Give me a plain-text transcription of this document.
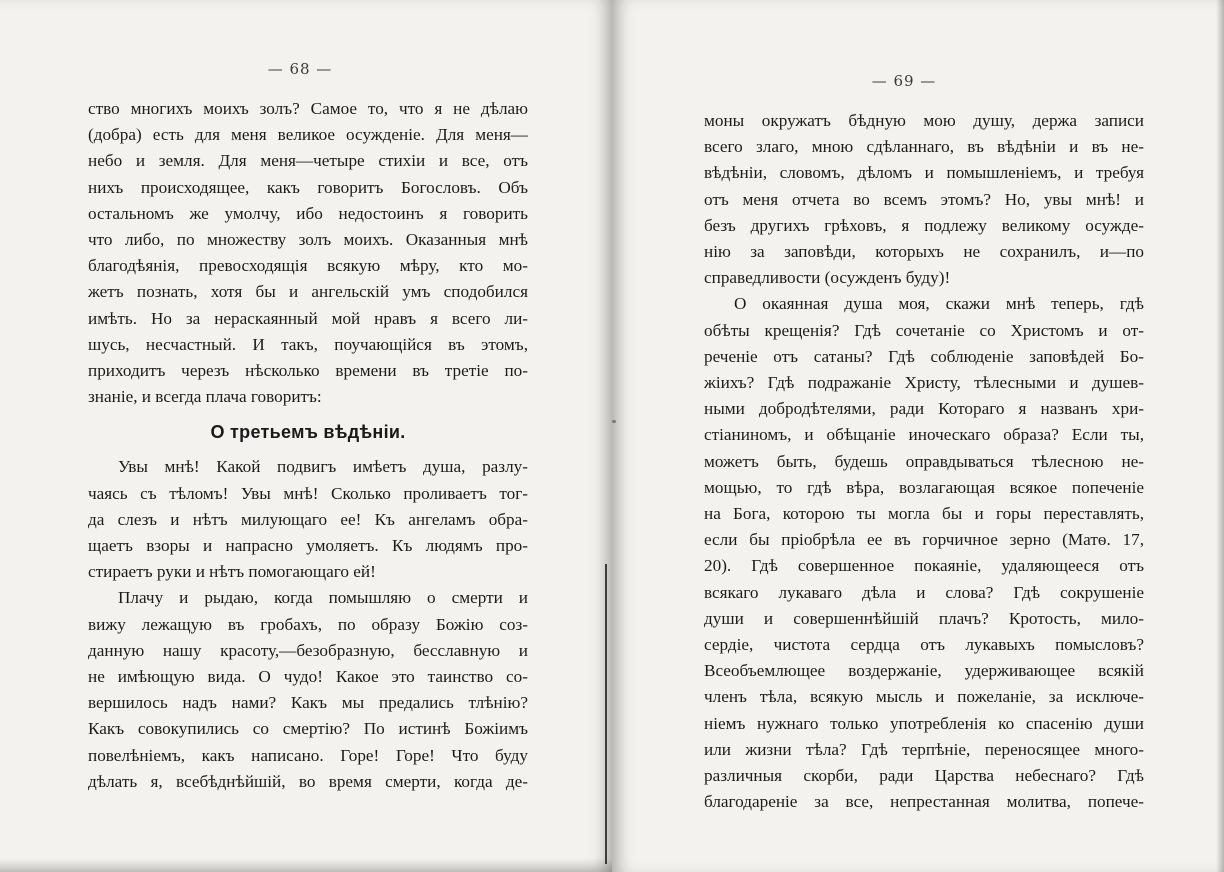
— 68 —
ство многихъ моихъ золъ? Самое то, что я не дѣлаю
(добра) есть для меня великое осужденіе. Для меня—
небо и земля. Для меня—четыре стихіи и все, отъ
нихъ происходящее, какъ говоритъ Богословъ. Объ
остальномъ же умолчу, ибо недостоинъ я говорить
что либо, по множеству золъ моихъ. Оказанныя мнѣ
благодѣянія, превосходящія всякую мѣру, кто мо-
жетъ познать, хотя бы и ангельскій умъ сподобился
имѣть. Но за нераскаянный мой нравъ я всего ли-
шусь, несчастный. И такъ, поучающійся въ этомъ,
приходитъ черезъ нѣсколько времени въ третіе по-
знаніе, и всегда плача говоритъ:
О третьемъ вѣдѣніи.
Увы мнѣ! Какой подвигъ имѣетъ душа, разлу-
чаясь съ тѣломъ! Увы мнѣ! Сколько проливаетъ тог-
да слезъ и нѣтъ милующаго ее! Къ ангеламъ обра-
щаетъ взоры и напрасно умоляетъ. Къ людямъ про-
стираетъ руки и нѣтъ помогающаго ей!
Плачу и рыдаю, когда помышляю о смерти и
вижу лежащую въ гробахъ, по образу Божію соз-
данную нашу красоту,—безобразную, бесславную и
не имѣющую вида. О чудо! Какое это таинство со-
вершилось надъ нами? Какъ мы предались тлѣнію?
Какъ совокупились со смертію? По истинѣ Божіимъ
повелѣніемъ, какъ написано. Горе! Горе! Что буду
дѣлать я, всебѣднѣйшій, во время смерти, когда де-
— 69 —
моны окружатъ бѣдную мою душу, держа записи
всего злаго, мною сдѣланнаго, въ вѣдѣніи и въ не-
вѣдѣніи, словомъ, дѣломъ и помышленіемъ, и требуя
отъ меня отчета во всемъ этомъ? Но, увы мнѣ! и
безъ другихъ грѣховъ, я подлежу великому осужде-
нію за заповѣди, которыхъ не сохранилъ, и—по
справедливости (осужденъ буду)!
О окаянная душа моя, скажи мнѣ теперь, гдѣ
обѣты крещенія? Гдѣ сочетаніе со Христомъ и от-
реченіе отъ сатаны? Гдѣ соблюденіе заповѣдей Бо-
жіихъ? Гдѣ подражаніе Христу, тѣлесными и душев-
ными добродѣтелями, ради Котораго я названъ хри-
стіаниномъ, и обѣщаніе иноческаго образа? Если ты,
можетъ быть, будешь оправдываться тѣлесною не-
мощью, то гдѣ вѣра, возлагающая всякое попеченіе
на Бога, которою ты могла бы и горы переставлять,
если бы пріобрѣла ее въ горчичное зерно (Матѳ. 17,
20). Гдѣ совершенное покаяніе, удаляющееся отъ
всякаго лукаваго дѣла и слова? Гдѣ сокрушеніе
души и совершеннѣйшій плачъ? Кротость, мило-
сердіе, чистота сердца отъ лукавыхъ помысловъ?
Всеобъемлющее воздержаніе, удерживающее всякій
членъ тѣла, всякую мысль и пожеланіе, за исключе-
ніемъ нужнаго только употребленія ко спасенію души
или жизни тѣла? Гдѣ терпѣніе, переносящее много-
различныя скорби, ради Царства небеснаго? Гдѣ
благодареніе за все, непрестанная молитва, попече-
